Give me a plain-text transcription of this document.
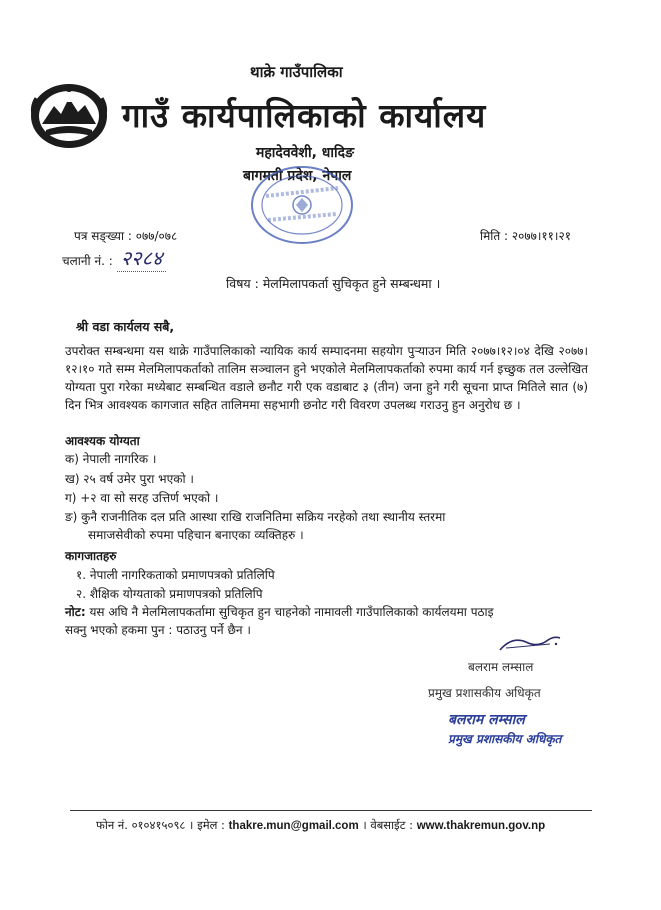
थाक्रे गाउँपालिका
गाउँ कार्यपालिकाको कार्यालय
महादेववेशी, धादिङ
बागमती प्रदेश, नेपाल
पत्र सङ्ख्या : ०७७/०७८
चलानी नं. : २२८४
मिति : २०७७।११।२१
विषय : मेलमिलापकर्ता सुचिकृत हुने सम्बन्धमा ।
श्री वडा कार्यलय सबै,
उपरोक्त सम्बन्धमा यस थाक्रे गाउँपालिकाको न्यायिक कार्य सम्पादनमा सहयोग पुऱ्याउन मिति २०७७।१२।०४ देखि २०७७।१२।१० गते सम्म मेलमिलापकर्ताको तालिम सञ्चालन हुने भएकोले मेलमिलापकर्ताको रुपमा कार्य गर्न इच्छुक तल उल्लेखित योग्यता पुरा गरेका मध्येबाट सम्बन्धित वडाले छनौट गरी एक वडाबाट ३ (तीन) जना हुने गरी सूचना प्राप्त मितिले सात (७) दिन भित्र आवश्यक कागजात सहित तालिममा सहभागी छनोट गरी विवरण उपलब्ध गराउनु हुन अनुरोध छ ।
आवश्यक योग्यता
क) नेपाली नागरिक ।
ख) २५ वर्ष उमेर पुरा भएको ।
ग) +२ वा सो सरह उत्तिर्ण भएको ।
ङ) कुनै राजनीतिक दल प्रति आस्था राखि राजनितिमा सक्रिय नरहेको तथा स्थानीय स्तरमा
समाजसेवीको रुपमा पहिचान बनाएका व्यक्तिहरु ।
कागजातहरु
१. नेपाली नागरिकताको प्रमाणपत्रको प्रतिलिपि
२. शैक्षिक योग्यताको प्रमाणपत्रको प्रतिलिपि
नोट: यस अघि नै मेलमिलापकर्तामा सुचिकृत हुन चाहनेको नामावली गाउँपालिकाको कार्यलयमा पठाइ
सक्नु भएको हकमा पुन : पठाउनु पर्ने छैन ।
बलराम लम्साल
प्रमुख प्रशासकीय अधिकृत
बलराम लम्साल
प्रमुख प्रशासकीय अधिकृत
फोन नं. ०१०४१५०९८ । इमेल : thakre.mun@gmail.com । वेबसाईट : www.thakremun.gov.np
